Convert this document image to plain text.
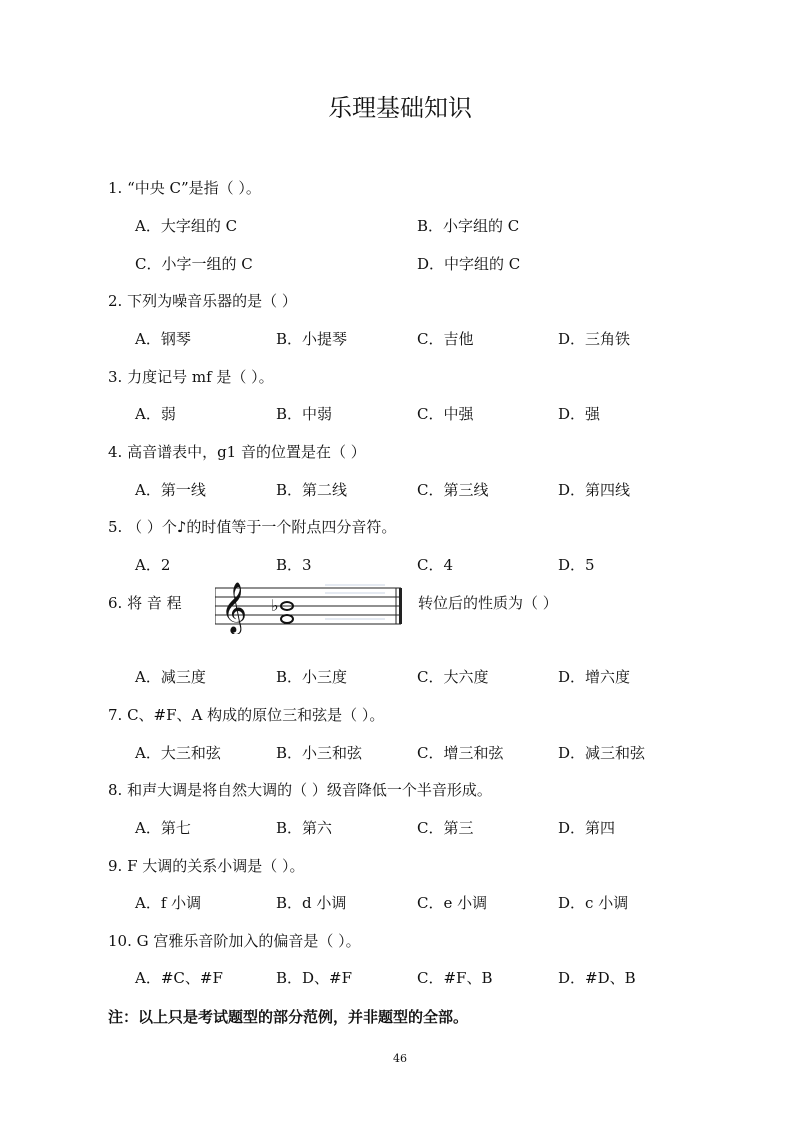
乐理基础知识
1. “中央 C”是指（ ）。
A．大字组的 C	B．小字组的 C
C．小字一组的 C	D．中字组的 C
2. 下列为噪音乐器的是（ ）
A．钢琴	B．小提琴	C．吉他	D．三角铁
3. 力度记号 mf 是（ ）。
A．弱	B．中弱	C．中强	D．强
4. 高音谱表中，g1 音的位置是在（ ）
A．第一线	B．第二线	C．第三线	D．第四线
5. （ ）个♪的时值等于一个附点四分音符。
A．2	B．3	C．4	D．5
6. 将 音 程 𝄞 ♭	转位后的性质为（ ）
A．减三度	B．小三度	C．大六度	D．增六度
7. C、#F、A 构成的原位三和弦是（ ）。
A．大三和弦	B．小三和弦	C．增三和弦	D．减三和弦
8. 和声大调是将自然大调的（ ）级音降低一个半音形成。
A．第七	B．第六	C．第三	D．第四
9. F 大调的关系小调是（ ）。
A．f 小调	B．d 小调	C．e 小调	D．c 小调
10. G 宫雅乐音阶加入的偏音是（ ）。
A．#C、#F	B．D、#F	C．#F、B	D．#D、B
注：以上只是考试题型的部分范例，并非题型的全部。
46
